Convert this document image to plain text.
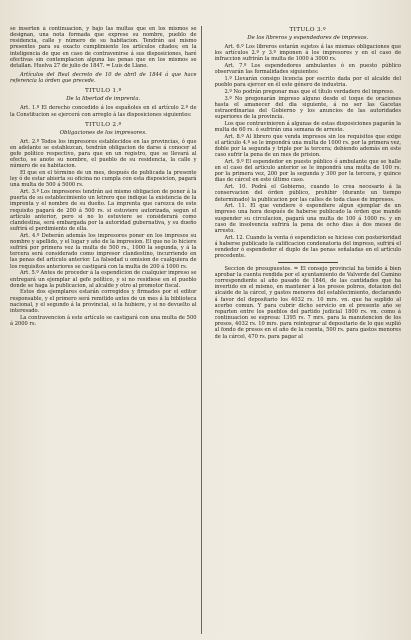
se inserten á continuacion, y bajo las multas que en los mismos se designan, una nota formada que exprese su nombre, pueblo de residencia, calle y número de su habitacion. Tendrán asi mismo presentes para su exacto cumplimiento los artículos citados; en la inteligencia de que en caso de contravenirse á sus disposiciones, haré efectivas sin contemplacion alguna las penas que en los mismos se detallan. Huelva 27 de julio de 1847. = Luis de Llano.

Artículos del Real decreto de 10 de abril de 1844 á que hace referencia la órden que precede.

TITULO 1.º
De la libertad de imprenta.

Art. 1.º El derecho concedido á los españoles en el artículo 2.º de la Constitucion se ejercerá con arreglo á las disposiciones siguientes:

TITULO 2.º
Obligaciones de los impresores.

Art. 2.º Todos los impresores establecidos en las provincias, ó que en adelante se establezcan, tendrán obligacion de darse á conocer al gefe político respectivo, para que en un registro, que se llevará al efecto, se anote su nombre, el pueblo de su residencia, la calle y número de su habitacion.

El que en el término de un mes, después de publicada la presente ley ó de estar abierta su oficina no cumpla con esta disposicion, pagará una multa de 500 á 5000 rs.

Art. 3.º Los impresores tendrán asi mismo obligacion de poner á la puerta de su establecimiento un letrero que indique la existencia de la imprenta y el nombre de su dueño. La imprenta que carezca de este requisito pagará de 200 á 500 rs. si estuviere autorizada, segun el artículo anterior, pero si no lo estuviere se considerará como clandestina, será embargada por la autoridad gubernativa, y su dueño sufrirá el perdimiento de ella.

Art. 4.º Deberán además los impresores poner en los impresos su nombre y apellido, y el lugar y año de la impresion. El que no lo hiciere sufrirá por primera vez la multa de 500 rs., 1000 la segunda, y á la tercera será considerado como impresor clandestino, incurriendo en las penas del artículo anterior. La falsedad u omision de cualquiera de los requisitos anteriores se castigará con la multa de 200 á 1000 rs.

Art. 5.º Antes de proceder á la espendicion de cualquier impreso se entregará un ejemplar al gefe político, y si no residiese en el pueblo donde se haga la publicacion, al alcalde y otro al promotor fiscal.

Estos dos ejemplares estarán corregidos y firmados por el editor responsable, y el primero será remitido antes de un mes á la biblioteca nacional, y el segundo á la provincial, si la hubiere, y si no devuelto al interesado.

La contravencion á este artículo se castigará con una multa de 500 á 2000 rs.

TITULO 3.º
De los libreros y espendedores de impresos.

Art. 6.º Los libreros estarán sujetos á las mismas obligaciones que los artículos 2.º y 3.º imponen á los impresores y en el caso de infraccion sufrirán la multa de 1000 á 3000 rs.

Art. 7.º Los espendedores ambulantes ó en puesto público observarán las formalidades siguientes:

1.º Llevarán consigo licencia por escrito dada por el alcalde del pueblo para ejercer en él este género de industria.

2.º No podrán pregonar mas que el título verdadero del impreso.

3.º No pregonarán impreso alguno desde el toque de oraciones hasta el amanecer del dia siguiente, á no ser las Gacetas estraordinarias del Gobierno y los anuncios de las autoridades superiores de la provincia.

Los que contravinieren á algunas de estas disposiciones pagarán la multa de 60 rs. ó sufrirán una semana de arresto.

Art. 8.º Al librero que venda impresos sin los requisitos que exige el artículo 4.º se le impondrá una multa de 1000 rs. por la primera vez, doble por la segunda y triple por la tercera; debiendo además en este caso sufrir la pena de un mes de prision.

Art. 9.º El espendedor en puesto público ó ambulante que se halle en el caso del artículo anterior se le impondrá una multa de 100 rs. por la primera vez, 200 por la segunda y 300 por la tercera, y quince dias de cárcel en este último caso.

Art. 10. Podrá el Gobierno, cuando lo crea necesario á la conservacion del órden público, prohibir (durante un tiempo determinado) la publicacion por las calles de toda clase de impresos.

Art. 11. El que vendiere ó espendiere algun ejemplar de un impreso una hora después de haberse publicado la órden que mande suspender su circulacion, pagará una multa de 100 á 1000 rs. y en caso de insolvencia sufrirá la pena de ocho dias á dos meses de arresto.

Art. 12. Cuando la venta ó espendicion se hiciese con posterioridad á haberse publicado la calificacion condenatoria del impreso, sufrirá el vendedor ó espendedor el duplo de las penas señaladas en el artículo precedente.

Seccion de presupuestos. = El consejo provincial ha tenido á bien aprobar la cuenta rendida por el ayuntamiento de Valverde del Camino correspondiente al año pasado de 1846, de las cantidades que ha invertido en el mismo, en mantener á los presos pobres, dotacion del alcaide de la cárcel, y gastos menores del establecimiento, declarando á favor del depositario los 4032 rs. 10 mrs. vn. que ha suplido al acerbo comun. Y para cubrir dicho servicio en el presente año se reparten entre los pueblos del partido judicial 1800 rs. vn. como á continuacion se espresa: 1395 rs. 7 mrs. para la manutencion de los presos, 4032 rs. 10 mrs. para reintegrar al depositario de lo que suplió al fondo de presos en el año de la cuenta, 500 rs. para gastos menores de la cárcel, 470 rs. para pagar al
